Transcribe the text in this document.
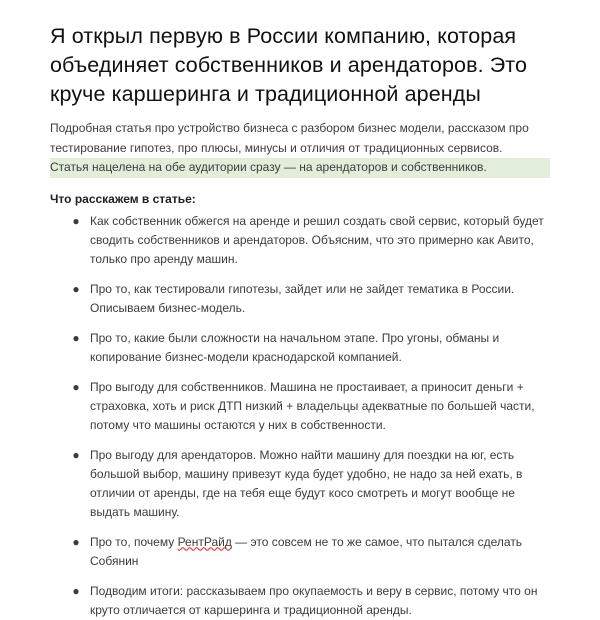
Я открыл первую в России компанию, которая объединяет собственников и арендаторов. Это круче каршеринга и традиционной аренды

Подробная статья про устройство бизнеса с разбором бизнес модели, рассказом про
тестирование гипотез, про плюсы, минусы и отличия от традиционных сервисов.
Статья нацелена на обе аудитории сразу — на арендаторов и собственников.

Что расскажем в статье:

● Как собственник обжегся на аренде и решил создать свой сервис, который будет сводить собственников и арендаторов. Объясним, что это примерно как Авито, только про аренду машин.
● Про то, как тестировали гипотезы, зайдет или не зайдет тематика в России. Описываем бизнес-модель.
● Про то, какие были сложности на начальном этапе. Про угоны, обманы и копирование бизнес-модели краснодарской компанией.
● Про выгоду для собственников. Машина не простаивает, а приносит деньги + страховка, хоть и риск ДТП низкий + владельцы адекватные по большей части, потому что машины остаются у них в собственности.
● Про выгоду для арендаторов. Можно найти машину для поездки на юг, есть большой выбор, машину привезут куда будет удобно, не надо за ней ехать, в отличии от аренды, где на тебя еще будут косо смотреть и могут вообще не выдать машину.
● Про то, почему РентРайд — это совсем не то же самое, что пытался сделать Собянин
● Подводим итоги: рассказываем про окупаемость и веру в сервис, потому что он круто отличается от каршеринга и традиционной аренды.
